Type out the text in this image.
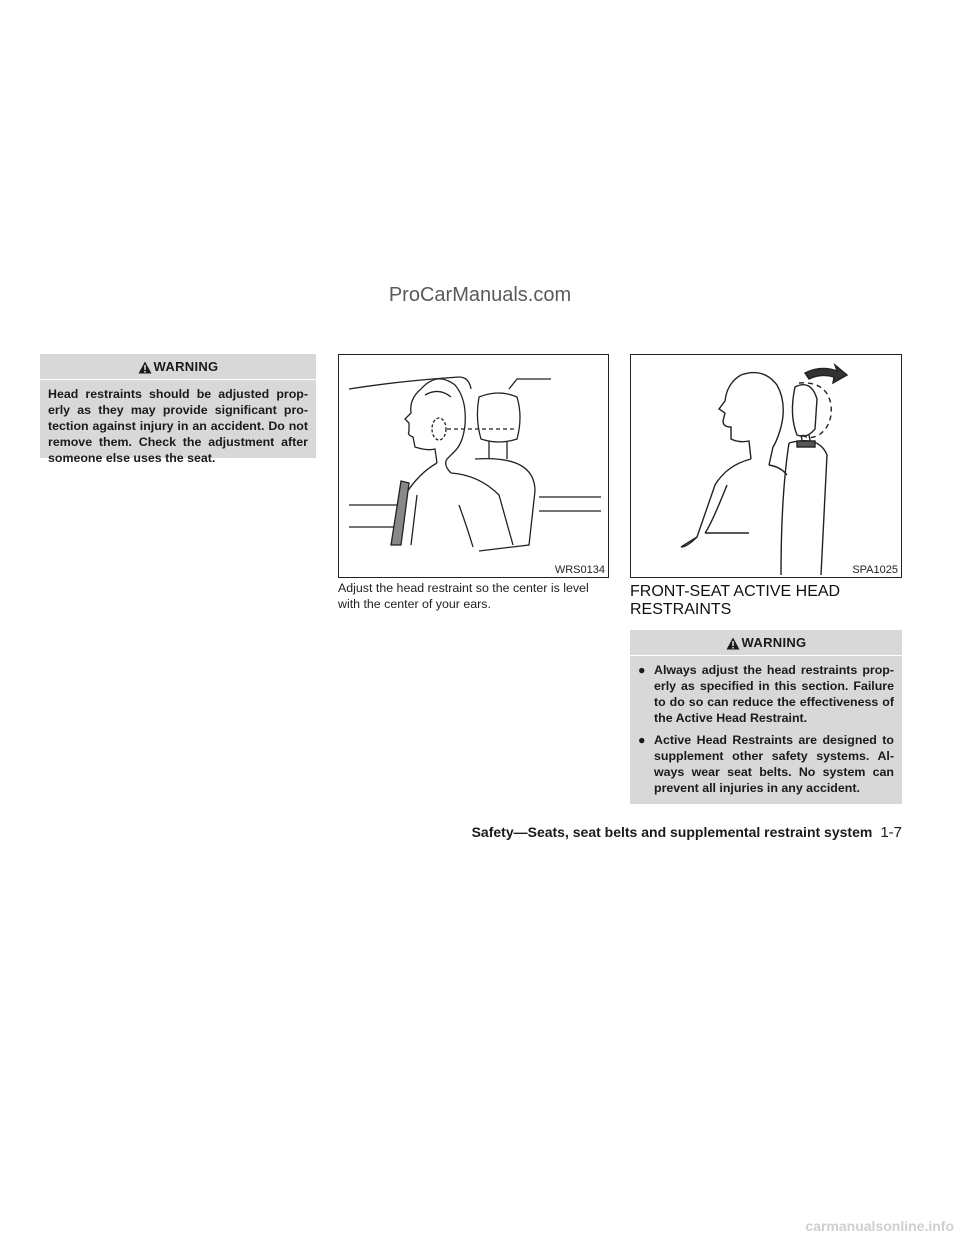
ProCarManuals.com
WARNING
Head restraints should be adjusted prop-erly as they may provide significant pro-tection against injury in an accident. Do not remove them. Check the adjustment after someone else uses the seat.
WRS0134	SPA1025
Adjust the head restraint so the center is level with the center of your ears.
FRONT-SEAT ACTIVE HEAD RESTRAINTS
WARNING
● Always adjust the head restraints prop-erly as specified in this section. Failure to do so can reduce the effectiveness of the Active Head Restraint.
● Active Head Restraints are designed to supplement other safety systems. Al-ways wear seat belts. No system can prevent all injuries in any accident.
Safety—Seats, seat belts and supplemental restraint system 1-7
carmanualsonline.info
